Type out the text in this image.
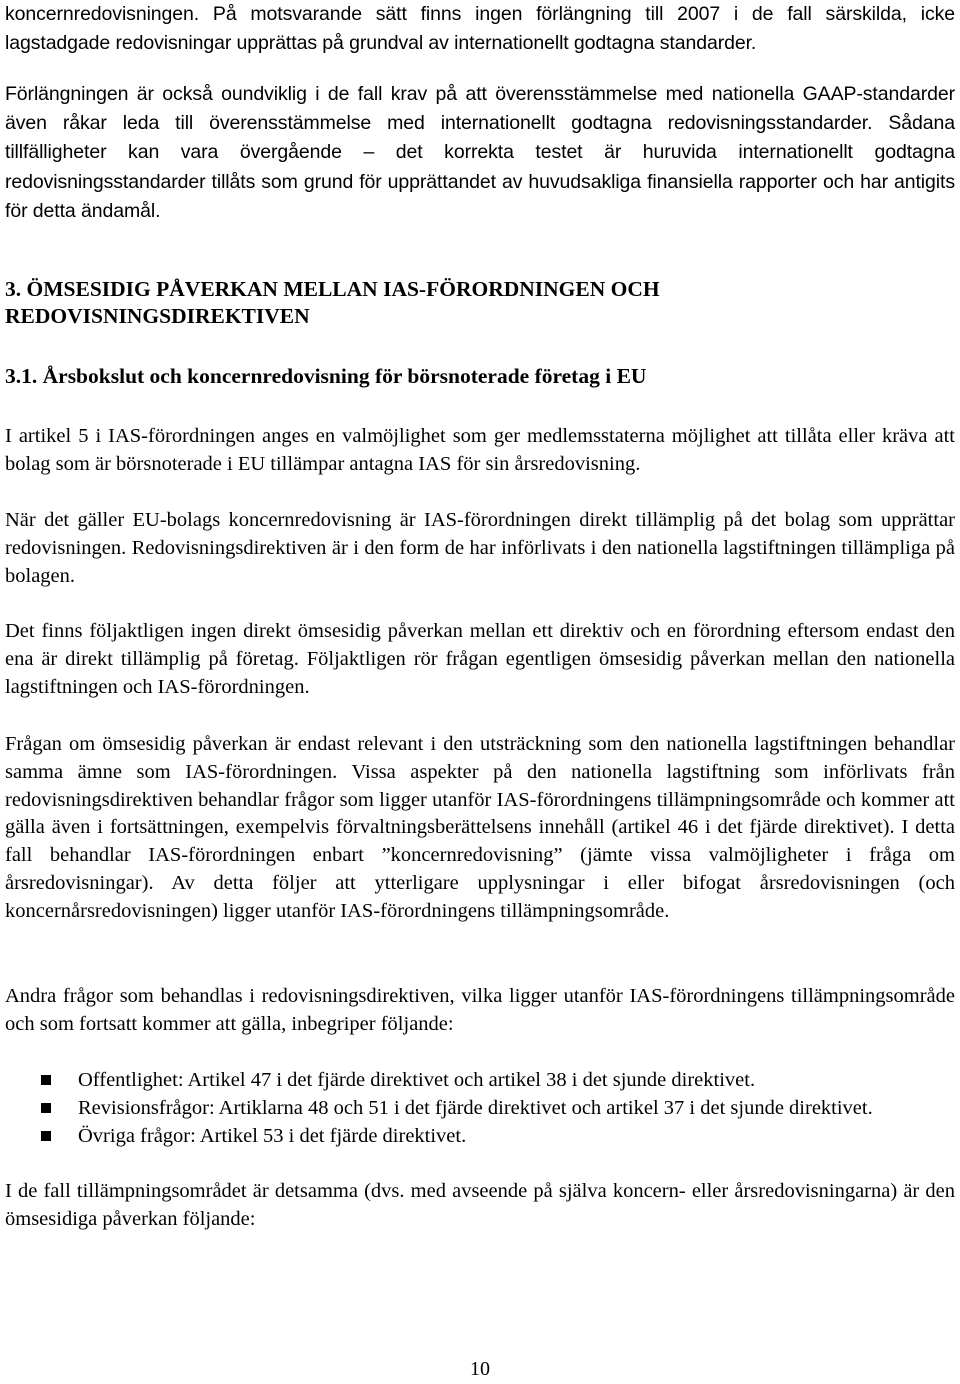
koncernredovisningen. På motsvarande sätt finns ingen förlängning till 2007 i de fall särskilda, icke lagstadgade redovisningar upprättas på grundval av internationellt godtagna standarder.

Förlängningen är också oundviklig i de fall krav på att överensstämmelse med nationella GAAP-standarder även råkar leda till överensstämmelse med internationellt godtagna redovisningsstandarder. Sådana tillfälligheter kan vara övergående – det korrekta testet är huruvida internationellt godtagna redovisningsstandarder tillåts som grund för upprättandet av huvudsakliga finansiella rapporter och har antigits för detta ändamål.

3. ÖMSESIDIG PÅVERKAN MELLAN IAS-FÖRORDNINGEN OCH
REDOVISNINGSDIREKTIVEN
3.1. Årsbokslut och koncernredovisning för börsnoterade företag i EU

I artikel 5 i IAS-förordningen anges en valmöjlighet som ger medlemsstaterna möjlighet att tillåta eller kräva att bolag som är börsnoterade i EU tillämpar antagna IAS för sin årsredovisning.

När det gäller EU-bolags koncernredovisning är IAS-förordningen direkt tillämplig på det bolag som upprättar redovisningen. Redovisningsdirektiven är i den form de har införlivats i den nationella lagstiftningen tillämpliga på bolagen.

Det finns följaktligen ingen direkt ömsesidig påverkan mellan ett direktiv och en förordning eftersom endast den ena är direkt tillämplig på företag. Följaktligen rör frågan egentligen ömsesidig påverkan mellan den nationella lagstiftningen och IAS-förordningen.

Frågan om ömsesidig påverkan är endast relevant i den utsträckning som den nationella lagstiftningen behandlar samma ämne som IAS-förordningen. Vissa aspekter på den nationella lagstiftning som införlivats från redovisningsdirektiven behandlar frågor som ligger utanför IAS-förordningens tillämpningsområde och kommer att gälla även i fortsättningen, exempelvis förvaltningsberättelsens innehåll (artikel 46 i det fjärde direktivet). I detta fall behandlar IAS-förordningen enbart ”koncernredovisning” (jämte vissa valmöjligheter i fråga om årsredovisningar). Av detta följer att ytterligare upplysningar i eller bifogat årsredovisningen (och koncernårsredovisningen) ligger utanför IAS-förordningens tillämpningsområde.

Andra frågor som behandlas i redovisningsdirektiven, vilka ligger utanför IAS-förordningens tillämpningsområde och som fortsatt kommer att gälla, inbegriper följande:

Offentlighet: Artikel 47 i det fjärde direktivet och artikel 38 i det sjunde direktivet.
Revisionsfrågor: Artiklarna 48 och 51 i det fjärde direktivet och artikel 37 i det sjunde direktivet.
Övriga frågor: Artikel 53 i det fjärde direktivet.

I de fall tillämpningsområdet är detsamma (dvs. med avseende på själva koncern- eller årsredovisningarna) är den ömsesidiga påverkan följande:

10
